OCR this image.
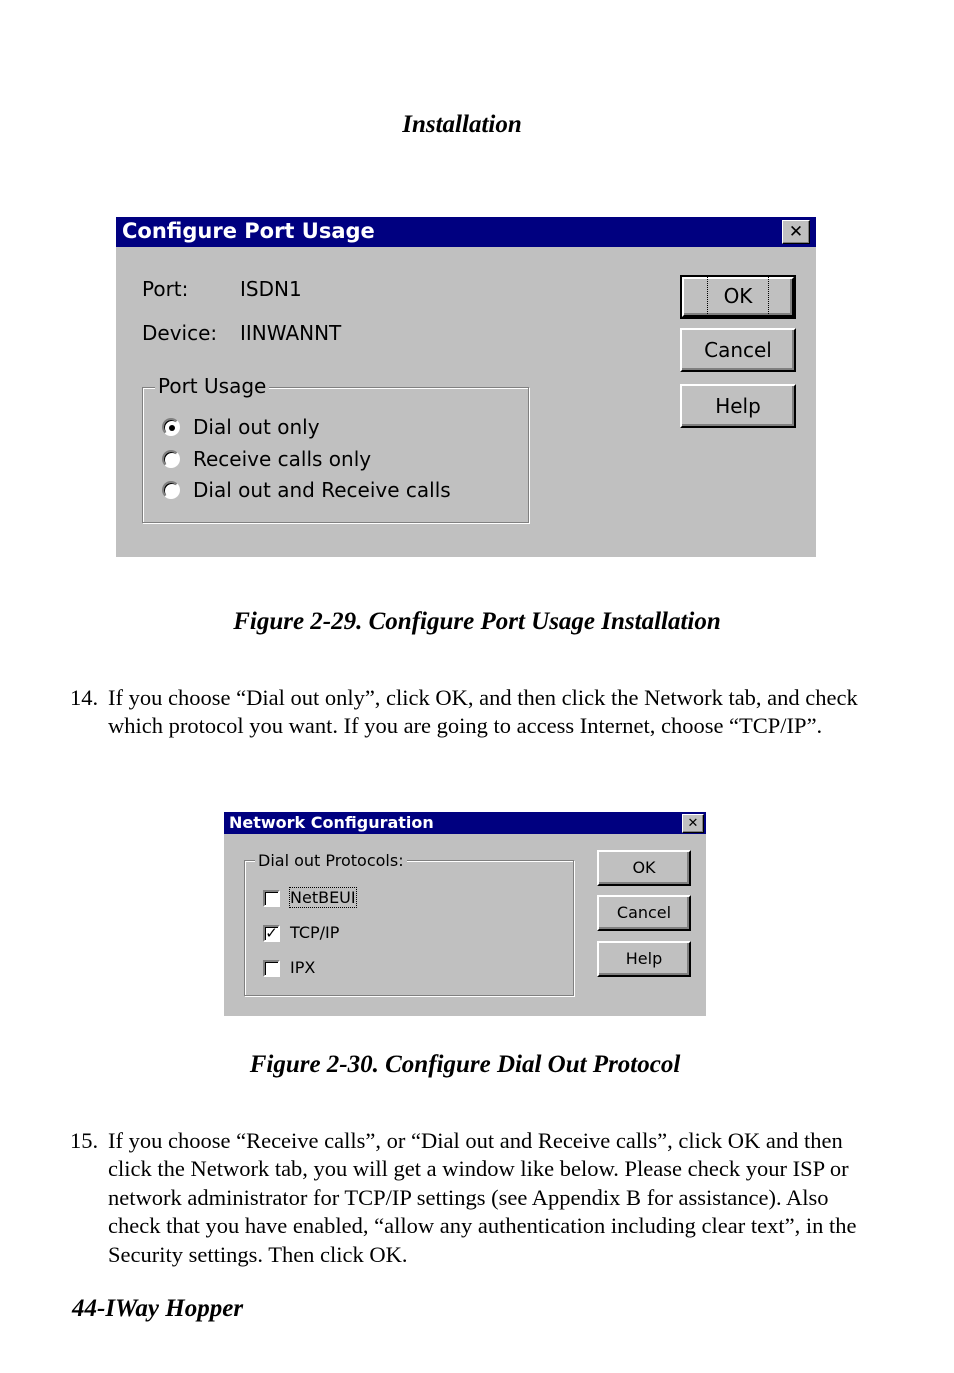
Installation
Configure Port Usage	✕
Port:	ISDN1
Device: IINWANNT
Port Usage
Dial out only
Receive calls only
Dial out and Receive calls
OK
Cancel
Help
Figure 2-29. Configure Port Usage Installation
14. If you choose “Dial out only”, click OK, and then click the Network tab, and check which protocol you want. If you are going to access Internet, choose “TCP/IP”.
Network Configuration	✕
Dial out Protocols:
NetBEUI
✓ TCP/IP
IPX
OK
Cancel
Help
Figure 2-30. Configure Dial Out Protocol
15. If you choose “Receive calls”, or “Dial out and Receive calls”, click OK and then click the Network tab, you will get a window like below. Please check your ISP or network administrator for TCP/IP settings (see Appendix B for assistance). Also check that you have enabled, “allow any authentication including clear text”, in the Security settings. Then click OK.
44-IWay Hopper
